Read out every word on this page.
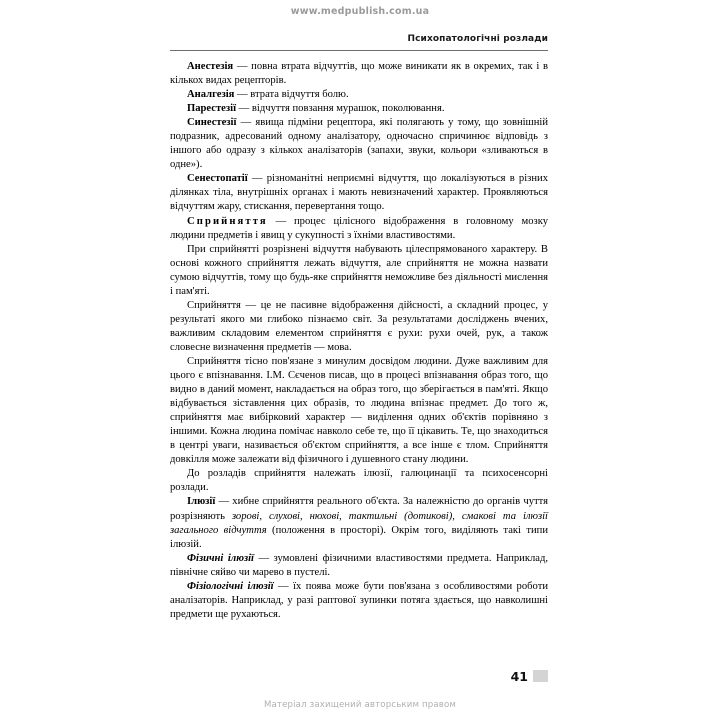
www.medpublish.com.ua
Психопатологічні розлади

Анестезія — повна втрата відчуттів, що може виникати як в окремих, так і в кількох видах рецепторів.

Аналгезія — втрата відчуття болю.

Парестезії — відчуття повзання мурашок, поколювання.

Синестезії — явища підміни рецептора, які полягають у тому, що зовнішній подразник, адресований одному аналізатору, одночасно спричинює відповідь з іншого або одразу з кількох аналізаторів (запахи, звуки, кольори «зливаються в одне»).

Сенестопатії — різноманітні неприємні відчуття, що локалізуються в різних ділянках тіла, внутрішніх органах і мають невизначений характер. Проявляються відчуттям жару, стискання, перевертання тощо.

Сприйняття — процес цілісного відображення в головному мозку людини предметів і явищ у сукупності з їхніми властивостями.

При сприйнятті розрізнені відчуття набувають цілеспрямованого характеру. В основі кожного сприйняття лежать відчуття, але сприйняття не можна назвати сумою відчуттів, тому що будь-яке сприйняття неможливе без діяльності мислення і пам'яті.

Сприйняття — це не пасивне відображення дійсності, а складний процес, у результаті якого ми глибоко пізнаємо світ. За результатами досліджень вчених, важливим складовим елементом сприйняття є рухи: рухи очей, рук, а також словесне визначення предметів — мова.

Сприйняття тісно пов'язане з минулим досвідом людини. Дуже важливим для цього є впізнавання. І.М. Сєченов писав, що в процесі впізнавання образ того, що видно в даний момент, накладається на образ того, що зберігається в пам'яті. Якщо відбувається зіставлення цих образів, то людина впізнає предмет. До того ж, сприйняття має вибірковий характер — виділення одних об'єктів порівняно з іншими. Кожна людина помічає навколо себе те, що її цікавить. Те, що знаходиться в центрі уваги, називається об'єктом сприйняття, а все інше є тлом. Сприйняття довкілля може залежати від фізичного і душевного стану людини.

До розладів сприйняття належать ілюзії, галюцинації та психосенсорні розлади.

Ілюзії — хибне сприйняття реального об'єкта. За належністю до органів чуття розрізняють зорові, слухові, нюхові, тактильні (дотикові), смакові та ілюзії загального відчуття (положення в просторі). Окрім того, виділяють такі типи ілюзій.

Фізичні ілюзії — зумовлені фізичними властивостями предмета. Наприклад, північне сяйво чи марево в пустелі.

Фізіологічні ілюзії — їх поява може бути пов'язана з особливостями роботи аналізаторів. Наприклад, у разі раптової зупинки потяга здається, що навколишні предмети ще рухаються.

41
Матеріал захищений авторським правом
